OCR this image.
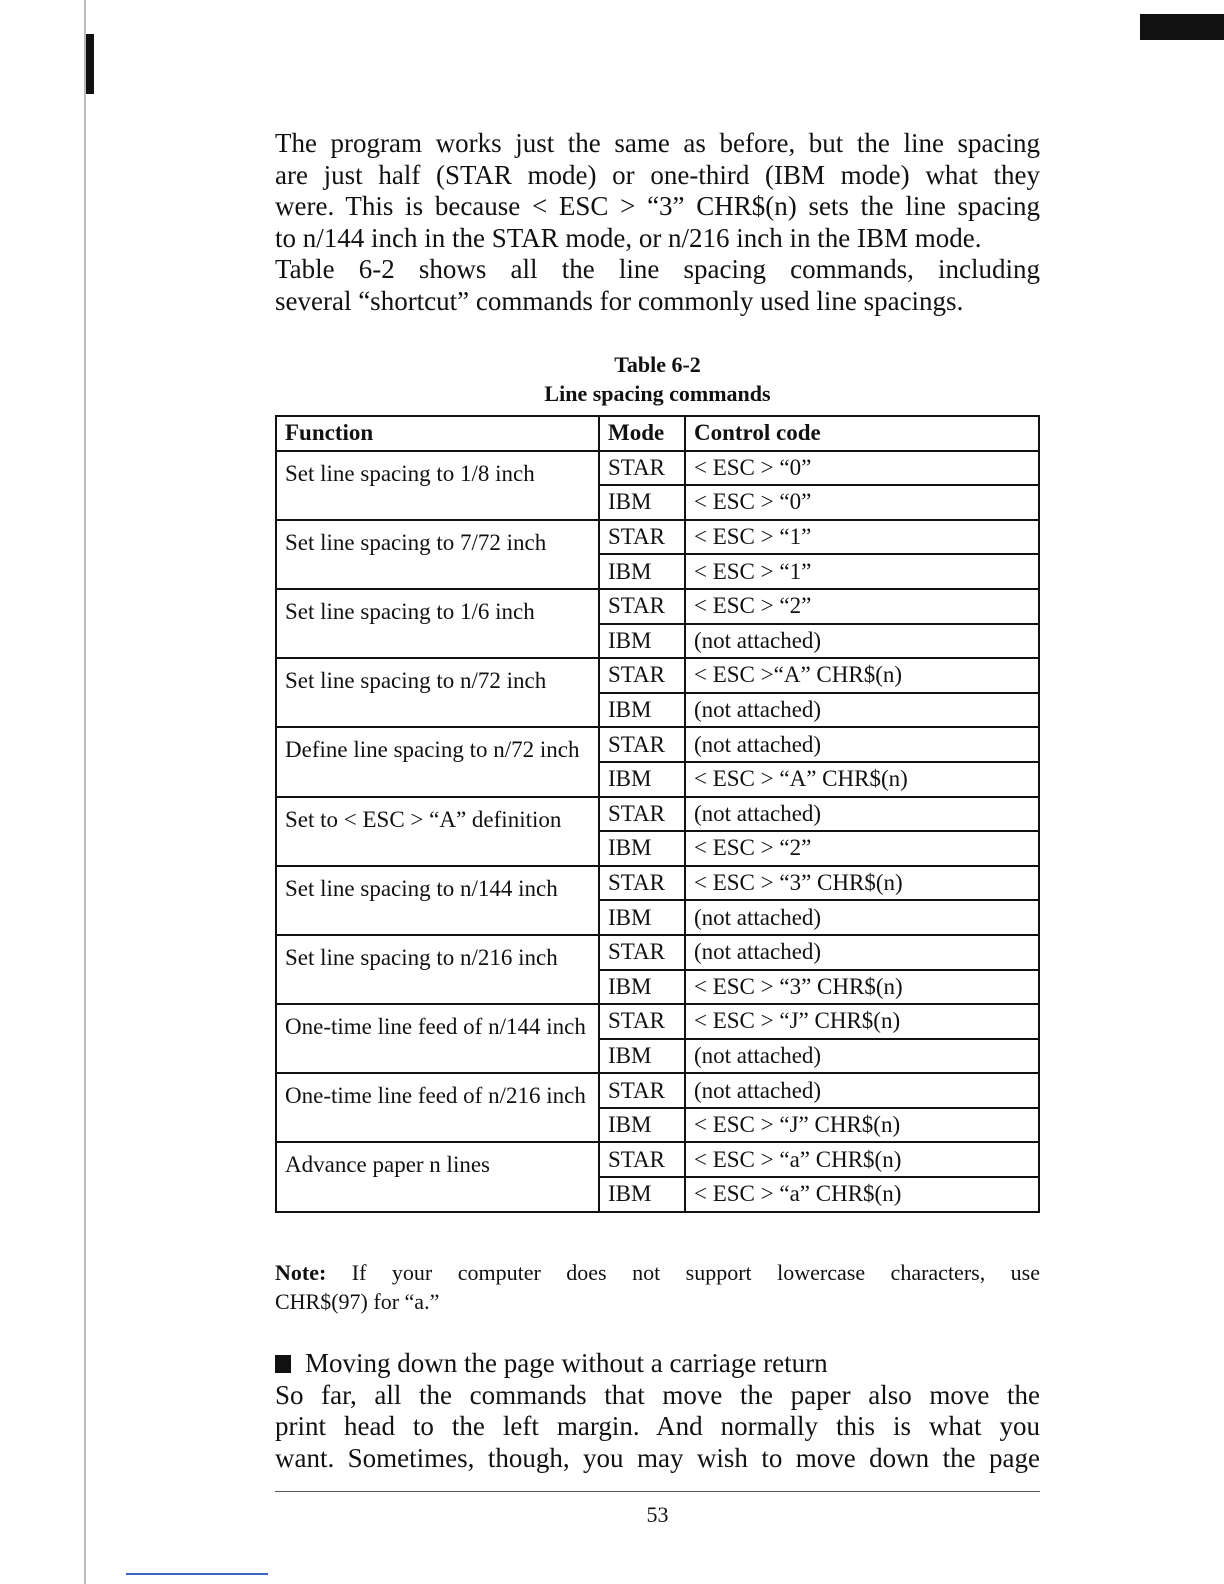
The program works just the same as before, but the line spacing
are just half (STAR mode) or one-third (IBM mode) what they
were. This is because < ESC > “3” CHR$(n) sets the line spacing

to n/144 inch in the STAR mode, or n/216 inch in the IBM mode.
Table 6-2 shows all the line spacing commands, including

several “shortcut” commands for commonly used line spacings.
Table 6-2
Line spacing commands
Function	Mode	Control code
Set line spacing to 1/8 inch	STAR	< ESC > “0”
	IBM	< ESC > “0”
Set line spacing to 7/72 inch	STAR	< ESC > “1”
	IBM	< ESC > “1”
Set line spacing to 1/6 inch	STAR	< ESC > “2”
	IBM	(not attached)
Set line spacing to n/72 inch	STAR	< ESC >“A” CHR$(n)
	IBM	(not attached)
Define line spacing to n/72 inch	STAR	(not attached)
	IBM	< ESC > “A” CHR$(n)
Set to < ESC > “A” definition	STAR	(not attached)
	IBM	< ESC > “2”
Set line spacing to n/144 inch	STAR	< ESC > “3” CHR$(n)
	IBM	(not attached)
Set line spacing to n/216 inch	STAR	(not attached)
	IBM	< ESC > “3” CHR$(n)
One-time line feed of n/144 inch	STAR	< ESC > “J” CHR$(n)
	IBM	(not attached)
One-time line feed of n/216 inch	STAR	(not attached)
	IBM	< ESC > “J” CHR$(n)
Advance paper n lines	STAR	< ESC > “a” CHR$(n)
	IBM	< ESC > “a” CHR$(n)
Note: If your computer does not support lowercase characters, use

CHR$(97) for “a.”
Moving down the page without a carriage return
So far, all the commands that move the paper also move the
print head to the left margin. And normally this is what you
want. Sometimes, though, you may wish to move down the page
53
